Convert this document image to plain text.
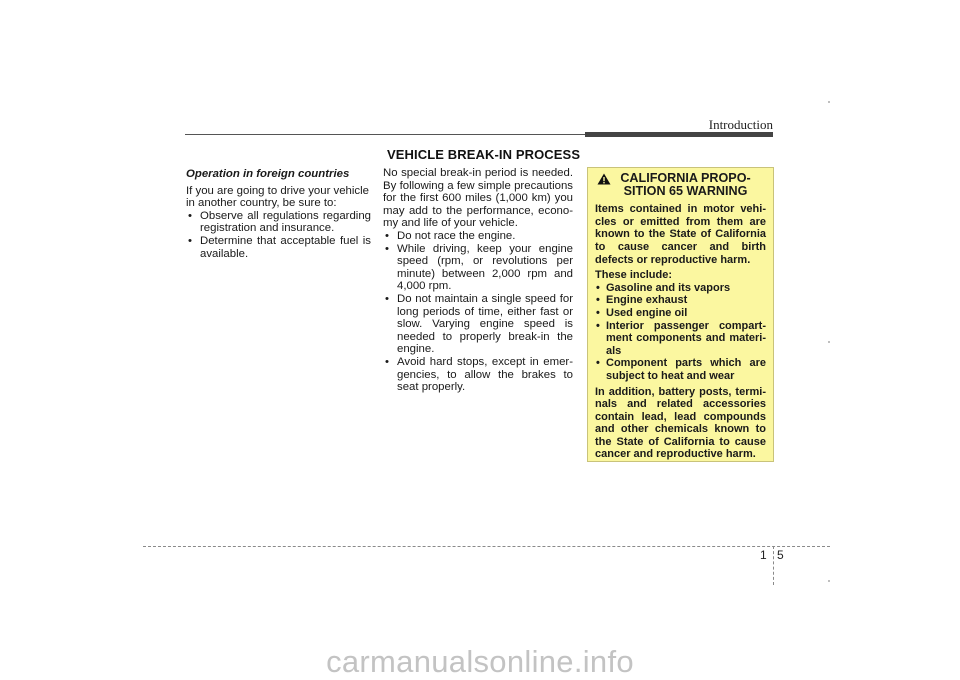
Introduction
Operation in foreign countries

If you are going to drive your vehicle in another country, be sure to:

• Observe all regulations regarding registration and insurance.
• Determine that acceptable fuel is available.
VEHICLE BREAK-IN PROCESS

No special break-in period is needed. By following a few simple precautions for the first 600 miles (1,000 km) you may add to the performance, econo-my and life of your vehicle.

• Do not race the engine.
• While driving, keep your engine speed (rpm, or revolutions per minute) between 2,000 rpm and 4,000 rpm.
• Do not maintain a single speed for long periods of time, either fast or slow. Varying engine speed is needed to properly break-in the engine.
• Avoid hard stops, except in emer-gencies, to allow the brakes to seat properly.
CALIFORNIA PROPO-SITION 65 WARNING

Items contained in motor vehi-cles or emitted from them are known to the State of California to cause cancer and birth defects or reproductive harm.

These include:
• Gasoline and its vapors
• Engine exhaust
• Used engine oil
• Interior passenger compart-ment components and materi-als
• Component parts which are subject to heat and wear

In addition, battery posts, termi-nals and related accessories contain lead, lead compounds and other chemicals known to the State of California to cause cancer and reproductive harm.

1 5
carmanualsonline.info
